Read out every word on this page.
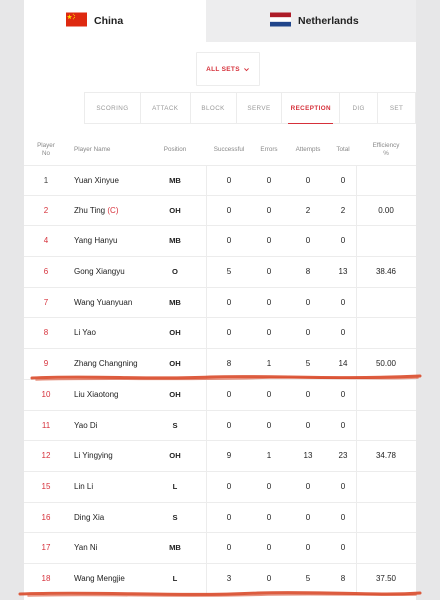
China	Netherlands
ALL SETS
SCORING	ATTACK	BLOCK	SERVE	RECEPTION	DIG	SET
Player
No
Player Name	Position	Successful	Errors	Attempts	Total
Efficiency
%
1	Yuan Xinyue	MB	0	0	0	0
2	Zhu Ting (C)	OH	0	0	2	2	0.00
4	Yang Hanyu	MB	0	0	0	0
6	Gong Xiangyu	O	5	0	8	13	38.46
7	Wang Yuanyuan	MB	0	0	0	0
8	Li Yao	OH	0	0	0	0
9	Zhang Changning	OH	8	1	5	14	50.00
10	Liu Xiaotong	OH	0	0	0	0
11	Yao Di	S	0	0	0	0
12	Li Yingying	OH	9	1	13	23	34.78
15	Lin Li	L	0	0	0	0
16	Ding Xia	S	0	0	0	0
17	Yan Ni	MB	0	0	0	0
18	Wang Mengjie	L	3	0	5	8	37.50
